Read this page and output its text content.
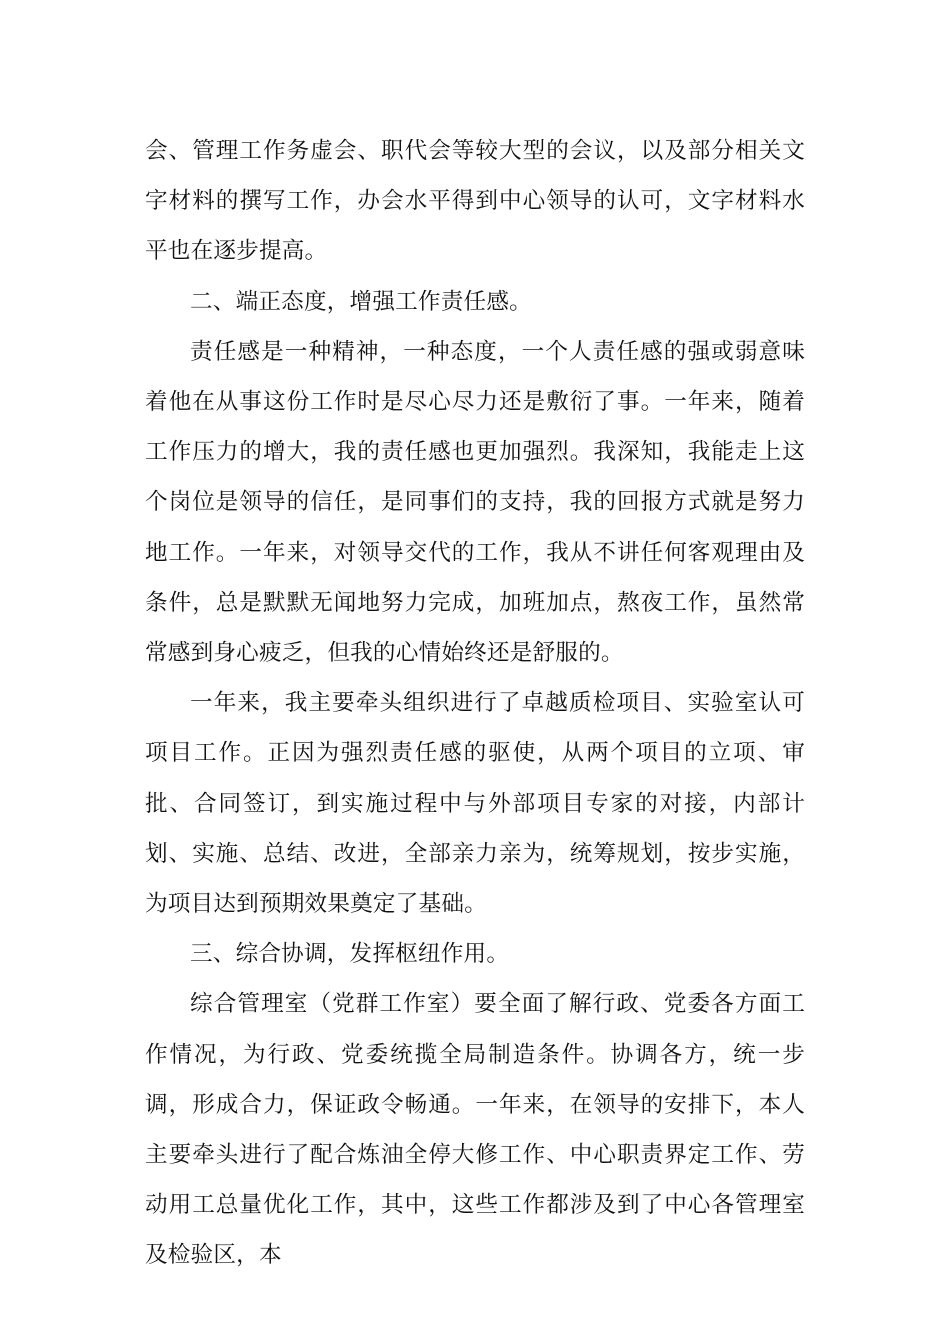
会、管理工作务虚会、职代会等较大型的会议，以及部分相关文字材料的撰写工作，办会水平得到中心领导的认可，文字材料水平也在逐步提高。

二、端正态度，增强工作责任感。

责任感是一种精神，一种态度，一个人责任感的强或弱意味着他在从事这份工作时是尽心尽力还是敷衍了事。一年来，随着工作压力的增大，我的责任感也更加强烈。我深知，我能走上这个岗位是领导的信任，是同事们的支持，我的回报方式就是努力地工作。一年来，对领导交代的工作，我从不讲任何客观理由及条件，总是默默无闻地努力完成，加班加点，熬夜工作，虽然常常感到身心疲乏，但我的心情始终还是舒服的。

一年来，我主要牵头组织进行了卓越质检项目、实验室认可项目工作。正因为强烈责任感的驱使，从两个项目的立项、审批、合同签订，到实施过程中与外部项目专家的对接，内部计划、实施、总结、改进，全部亲力亲为，统筹规划，按步实施，为项目达到预期效果奠定了基础。

三、综合协调，发挥枢纽作用。

综合管理室（党群工作室）要全面了解行政、党委各方面工作情况，为行政、党委统揽全局制造条件。协调各方，统一步调，形成合力，保证政令畅通。一年来，在领导的安排下，本人主要牵头进行了配合炼油全停大修工作、中心职责界定工作、劳动用工总量优化工作，其中，这些工作都涉及到了中心各管理室及检验区，本
